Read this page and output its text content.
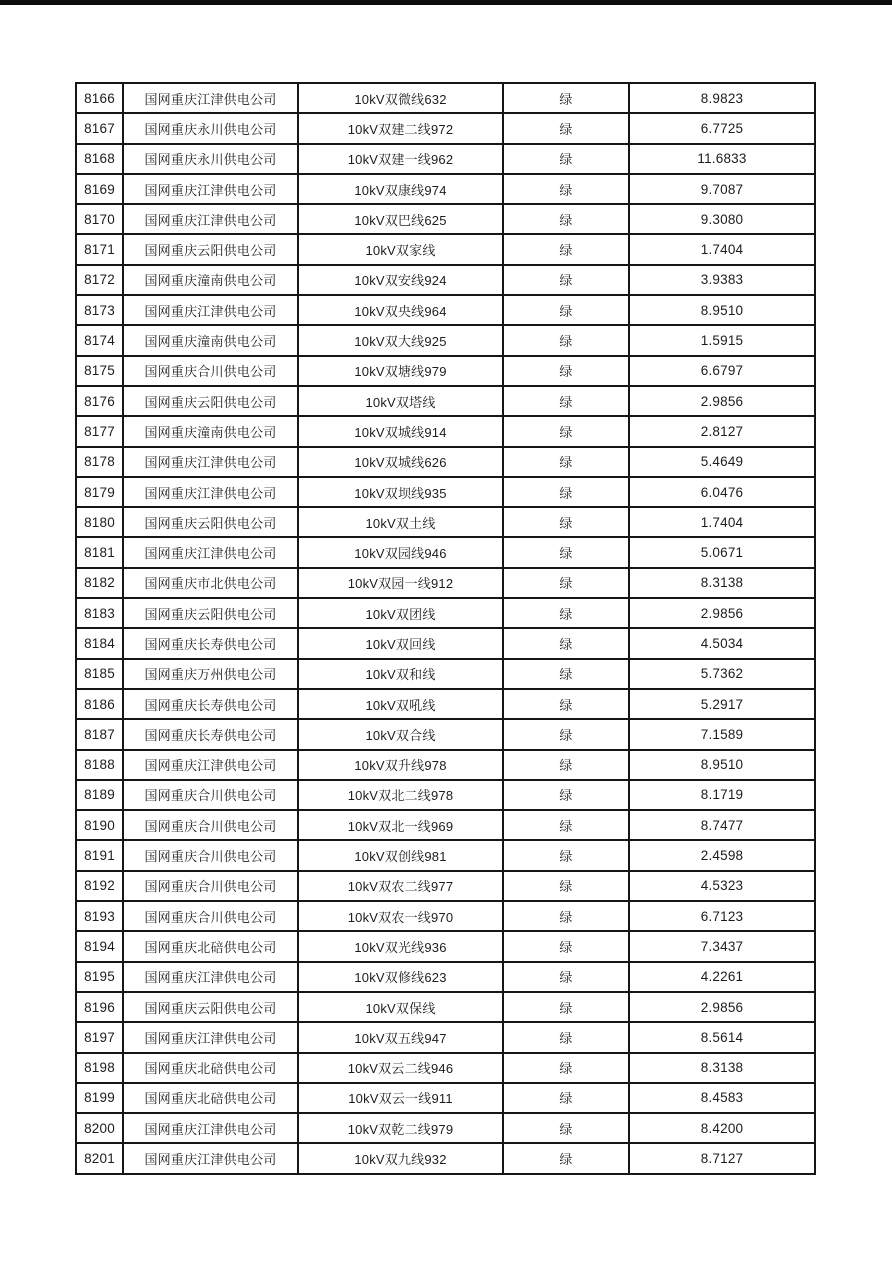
8166	国网重庆江津供电公司	10kV双微线632	绿	8.9823
8167	国网重庆永川供电公司	10kV双建二线972	绿	6.7725
8168	国网重庆永川供电公司	10kV双建一线962	绿	11.6833
8169	国网重庆江津供电公司	10kV双康线974	绿	9.7087
8170	国网重庆江津供电公司	10kV双巴线625	绿	9.3080
8171	国网重庆云阳供电公司	10kV双家线	绿	1.7404
8172	国网重庆潼南供电公司	10kV双安线924	绿	3.9383
8173	国网重庆江津供电公司	10kV双央线964	绿	8.9510
8174	国网重庆潼南供电公司	10kV双大线925	绿	1.5915
8175	国网重庆合川供电公司	10kV双塘线979	绿	6.6797
8176	国网重庆云阳供电公司	10kV双塔线	绿	2.9856
8177	国网重庆潼南供电公司	10kV双城线914	绿	2.8127
8178	国网重庆江津供电公司	10kV双城线626	绿	5.4649
8179	国网重庆江津供电公司	10kV双坝线935	绿	6.0476
8180	国网重庆云阳供电公司	10kV双土线	绿	1.7404
8181	国网重庆江津供电公司	10kV双园线946	绿	5.0671
8182	国网重庆市北供电公司	10kV双园一线912	绿	8.3138
8183	国网重庆云阳供电公司	10kV双团线	绿	2.9856
8184	国网重庆长寿供电公司	10kV双回线	绿	4.5034
8185	国网重庆万州供电公司	10kV双和线	绿	5.7362
8186	国网重庆长寿供电公司	10kV双吼线	绿	5.2917
8187	国网重庆长寿供电公司	10kV双合线	绿	7.1589
8188	国网重庆江津供电公司	10kV双升线978	绿	8.9510
8189	国网重庆合川供电公司	10kV双北二线978	绿	8.1719
8190	国网重庆合川供电公司	10kV双北一线969	绿	8.7477
8191	国网重庆合川供电公司	10kV双创线981	绿	2.4598
8192	国网重庆合川供电公司	10kV双农二线977	绿	4.5323
8193	国网重庆合川供电公司	10kV双农一线970	绿	6.7123
8194	国网重庆北碚供电公司	10kV双光线936	绿	7.3437
8195	国网重庆江津供电公司	10kV双修线623	绿	4.2261
8196	国网重庆云阳供电公司	10kV双保线	绿	2.9856
8197	国网重庆江津供电公司	10kV双五线947	绿	8.5614
8198	国网重庆北碚供电公司	10kV双云二线946	绿	8.3138
8199	国网重庆北碚供电公司	10kV双云一线911	绿	8.4583
8200	国网重庆江津供电公司	10kV双乾二线979	绿	8.4200
8201	国网重庆江津供电公司	10kV双九线932	绿	8.7127
